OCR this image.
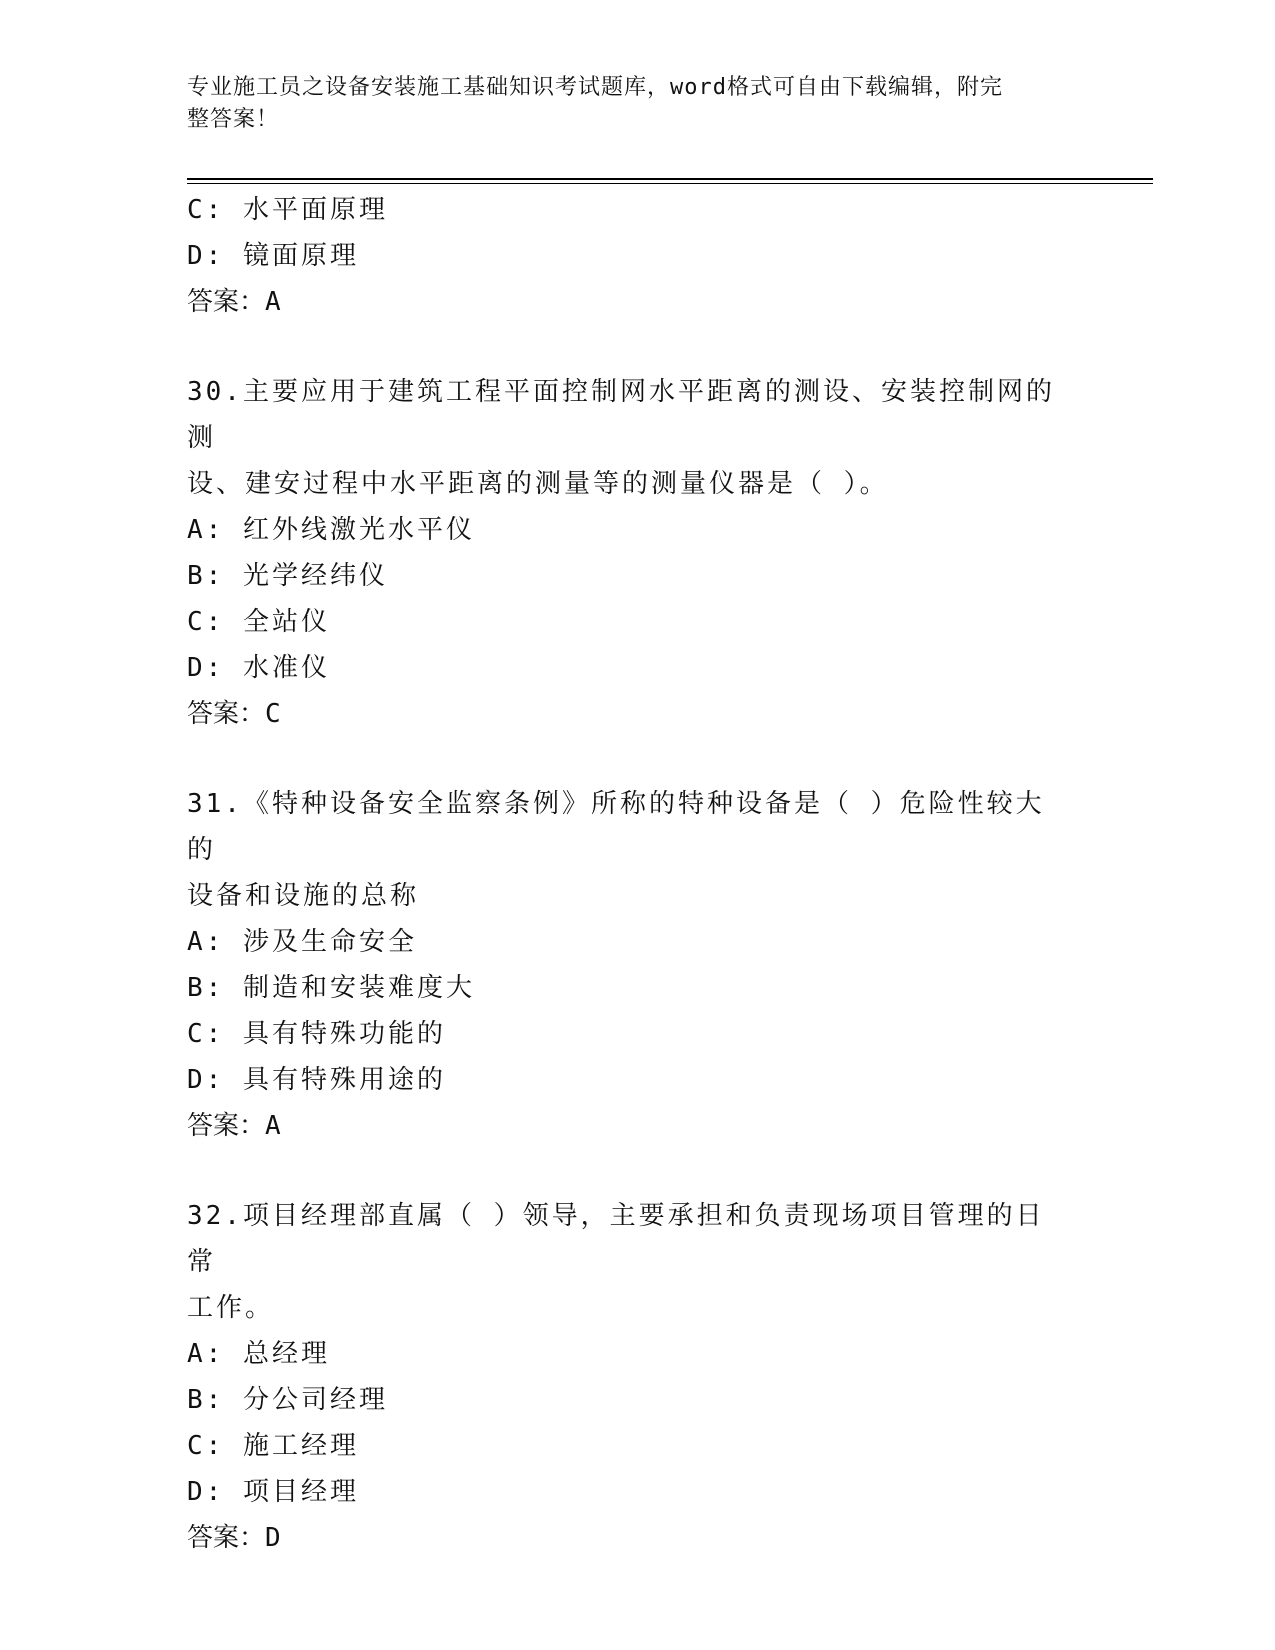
专业施工员之设备安装施工基础知识考试题库，word格式可自由下载编辑，附完
整答案！
C: 水平面原理
D: 镜面原理
答案：A
30.主要应用于建筑工程平面控制网水平距离的测设、安装控制网的测
设、建安过程中水平距离的测量等的测量仪器是（ ）。
A: 红外线激光水平仪
B: 光学经纬仪
C: 全站仪
D: 水准仪
答案：C
31.《特种设备安全监察条例》所称的特种设备是（ ）危险性较大的
设备和设施的总称
A: 涉及生命安全
B: 制造和安装难度大
C: 具有特殊功能的
D: 具有特殊用途的
答案：A
32.项目经理部直属（ ）领导，主要承担和负责现场项目管理的日常
工作。
A: 总经理
B: 分公司经理
C: 施工经理
D: 项目经理
答案：D
